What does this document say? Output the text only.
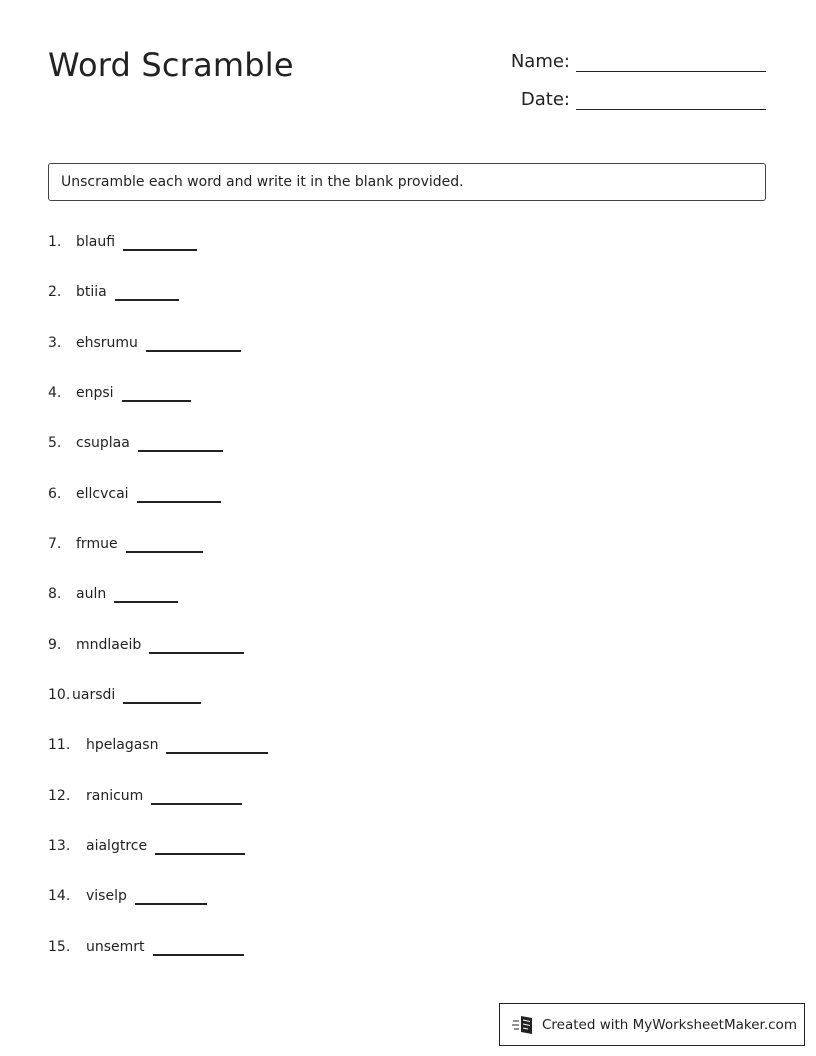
Word Scramble	Name:
Date:
Unscramble each word and write it in the blank provided.
1.	blaufi
2.	btiia
3.	ehsrumu
4.	enpsi
5.	csuplaa
6.	ellcvcai
7.	frmue
8.	auln
9.	mndlaeib
10. uarsdi
11.	hpelagasn
12.	ranicum
13.	aialgtrce
14.	viselp
15.	unsemrt
Created with MyWorksheetMaker.com
